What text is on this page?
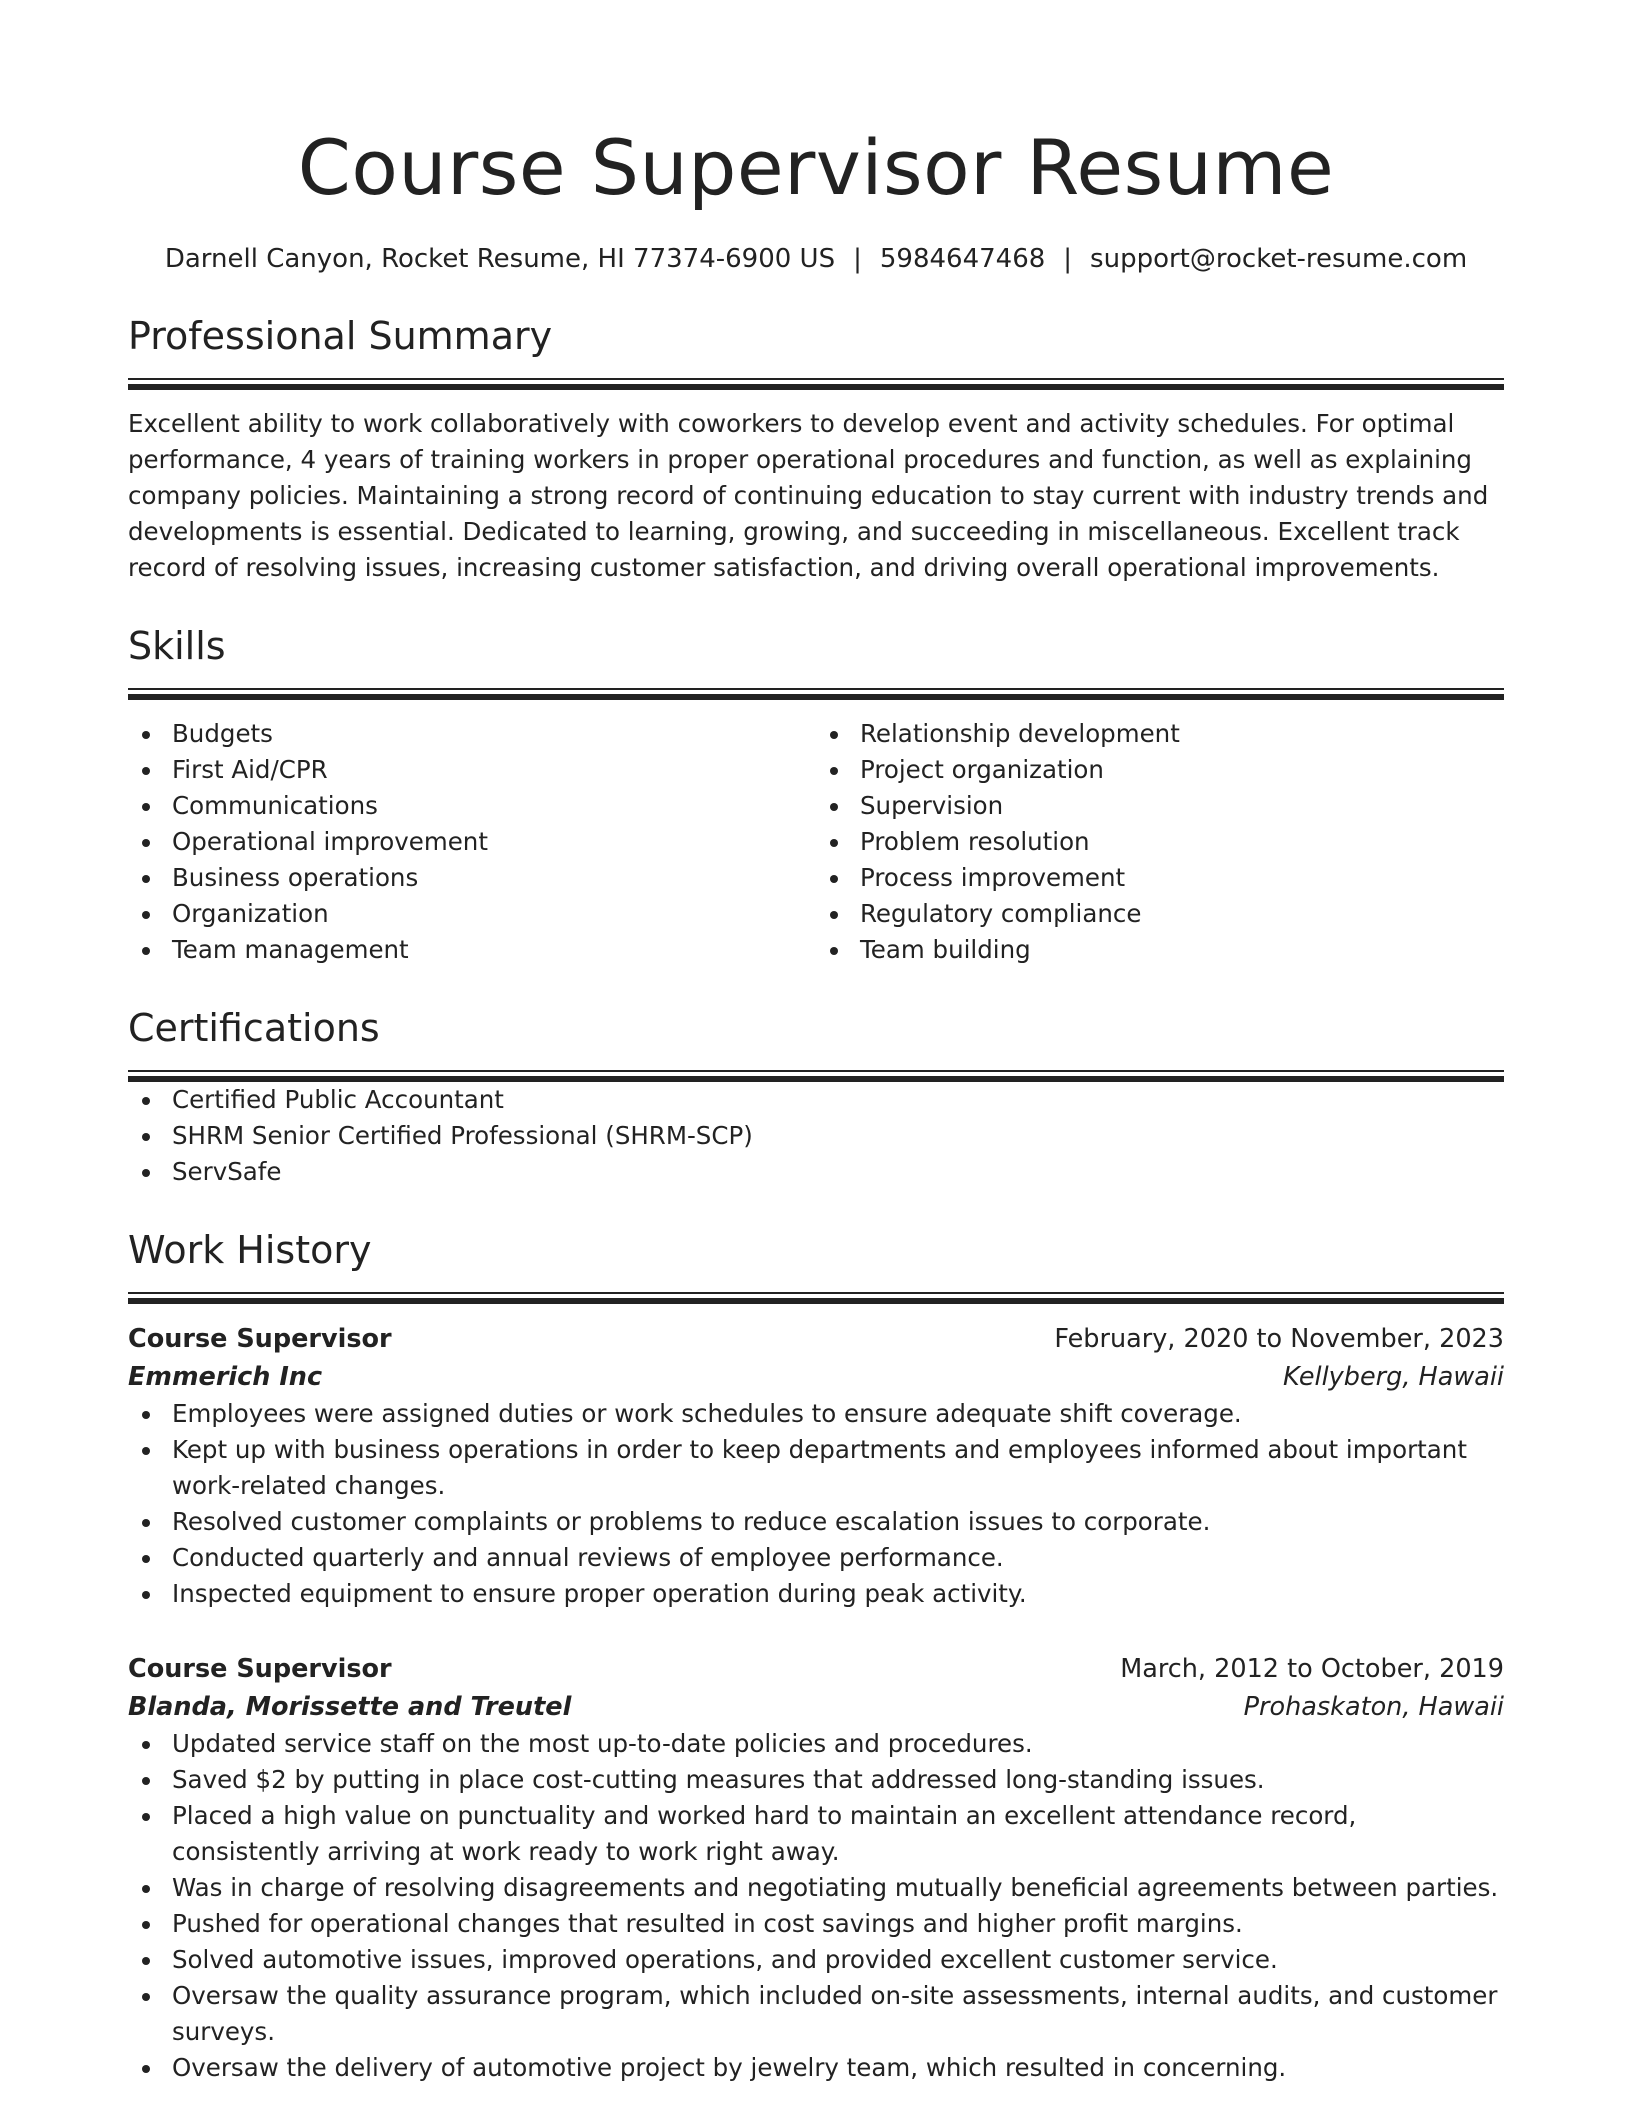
Course Supervisor Resume
Darnell Canyon, Rocket Resume, HI 77374-6900 US | 5984647468 | support@rocket-resume.com
Professional Summary
Excellent ability to work collaboratively with coworkers to develop event and activity schedules. For optimal performance, 4 years of training workers in proper operational procedures and function, as well as explaining company policies. Maintaining a strong record of continuing education to stay current with industry trends and developments is essential. Dedicated to learning, growing, and succeeding in miscellaneous. Excellent track record of resolving issues, increasing customer satisfaction, and driving overall operational improvements.
Skills
Budgets
First Aid/CPR
Communications
Operational improvement
Business operations
Organization
Team management
Relationship development
Project organization
Supervision
Problem resolution
Process improvement
Regulatory compliance
Team building
Certifications
Certified Public Accountant
SHRM Senior Certified Professional (SHRM-SCP)
ServSafe
Work History
Course Supervisor	February, 2020 to November, 2023
Emmerich Inc	Kellyberg, Hawaii
Employees were assigned duties or work schedules to ensure adequate shift coverage.
Kept up with business operations in order to keep departments and employees informed about important work-related changes.
Resolved customer complaints or problems to reduce escalation issues to corporate.
Conducted quarterly and annual reviews of employee performance.
Inspected equipment to ensure proper operation during peak activity.
Course Supervisor	March, 2012 to October, 2019
Blanda, Morissette and Treutel	Prohaskaton, Hawaii
Updated service staff on the most up-to-date policies and procedures.
Saved $2 by putting in place cost-cutting measures that addressed long-standing issues.
Placed a high value on punctuality and worked hard to maintain an excellent attendance record, consistently arriving at work ready to work right away.
Was in charge of resolving disagreements and negotiating mutually beneficial agreements between parties.
Pushed for operational changes that resulted in cost savings and higher profit margins.
Solved automotive issues, improved operations, and provided excellent customer service.
Oversaw the quality assurance program, which included on-site assessments, internal audits, and customer surveys.
Oversaw the delivery of automotive project by jewelry team, which resulted in concerning.
